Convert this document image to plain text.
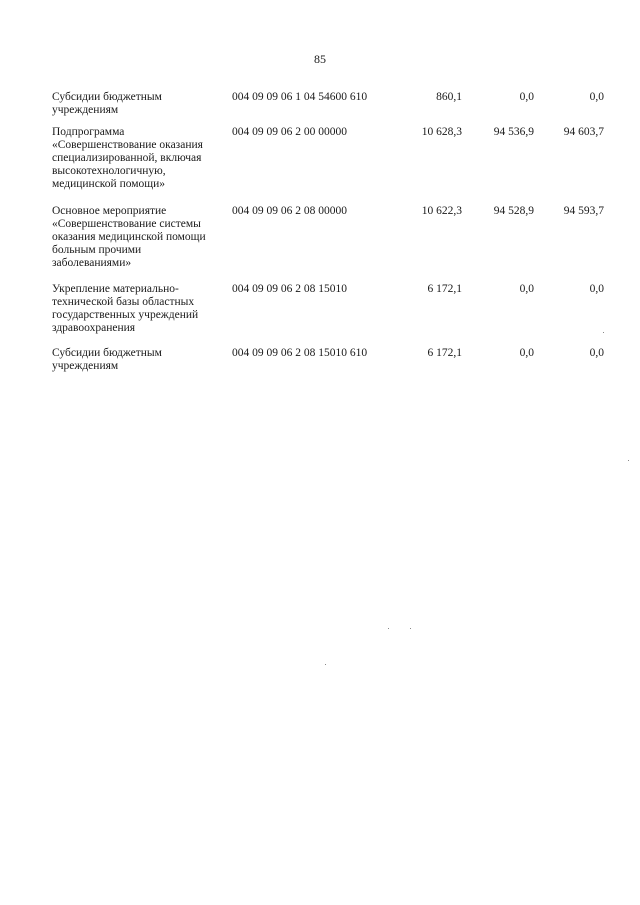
85
Субсидии бюджетным
учреждениям
004 09 09 06 1 04 54600 610	860,1	0,0	0,0
Подпрограмма
«Совершенствование оказания
специализированной, включая
высокотехнологичную,
медицинской помощи»
004 09 09 06 2 00 00000	10 628,3	94 536,9	94 603,7
Основное мероприятие
«Совершенствование системы
оказания медицинской помощи
больным прочими
заболеваниями»
004 09 09 06 2 08 00000	10 622,3	94 528,9	94 593,7
Укрепление материально-
технической базы областных
государственных учреждений
здравоохранения
004 09 09 06 2 08 15010	6 172,1	0,0	0,0
Субсидии бюджетным
учреждениям
004 09 09 06 2 08 15010 610	6 172,1	0,0	0,0
